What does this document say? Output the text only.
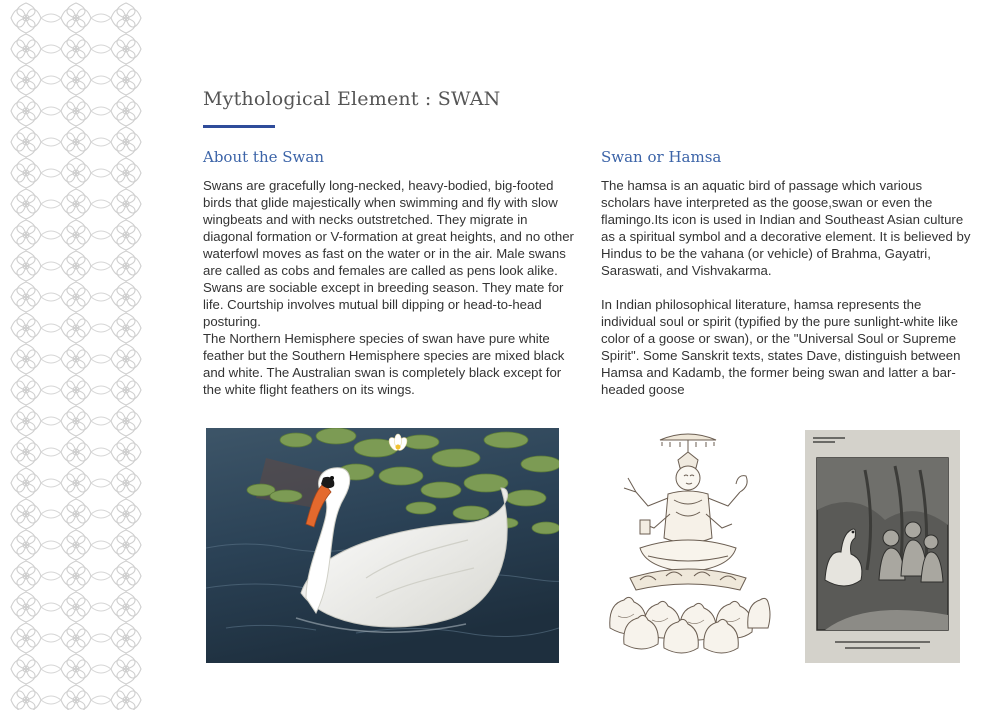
Mythological Element : SWAN
About the Swan

Swans are gracefully long-necked, heavy-bodied, big-footed birds that glide majestically when swimming and fly with slow wingbeats and with necks outstretched. They migrate in diagonal formation or V-formation at great heights, and no other waterfowl moves as fast on the water or in the air. Male swans are called as cobs and females are called as pens look alike.

Swans are sociable except in breeding season. They mate for life. Courtship involves mutual bill dipping or head-to-head posturing.

The Northern Hemisphere species of swan have pure white feather but the Southern Hemisphere species are mixed black and white. The Australian swan is completely black except for the white flight feathers on its wings.

Swan or Hamsa

The hamsa is an aquatic bird of passage which various scholars have interpreted as the goose,swan or even the flamingo.Its icon is used in Indian and Southeast Asian culture as a spiritual symbol and a decorative element. It is believed by Hindus to be the vahana (or vehicle) of Brahma, Gayatri, Saraswati, and Vishvakarma.

In Indian philosophical literature, hamsa represents the individual soul or spirit (typified by the pure sunlight-white like color of a goose or swan), or the "Universal Soul or Supreme Spirit". Some Sanskrit texts, states Dave, distinguish between Hamsa and Kadamb, the former being swan and latter a bar-headed goose
